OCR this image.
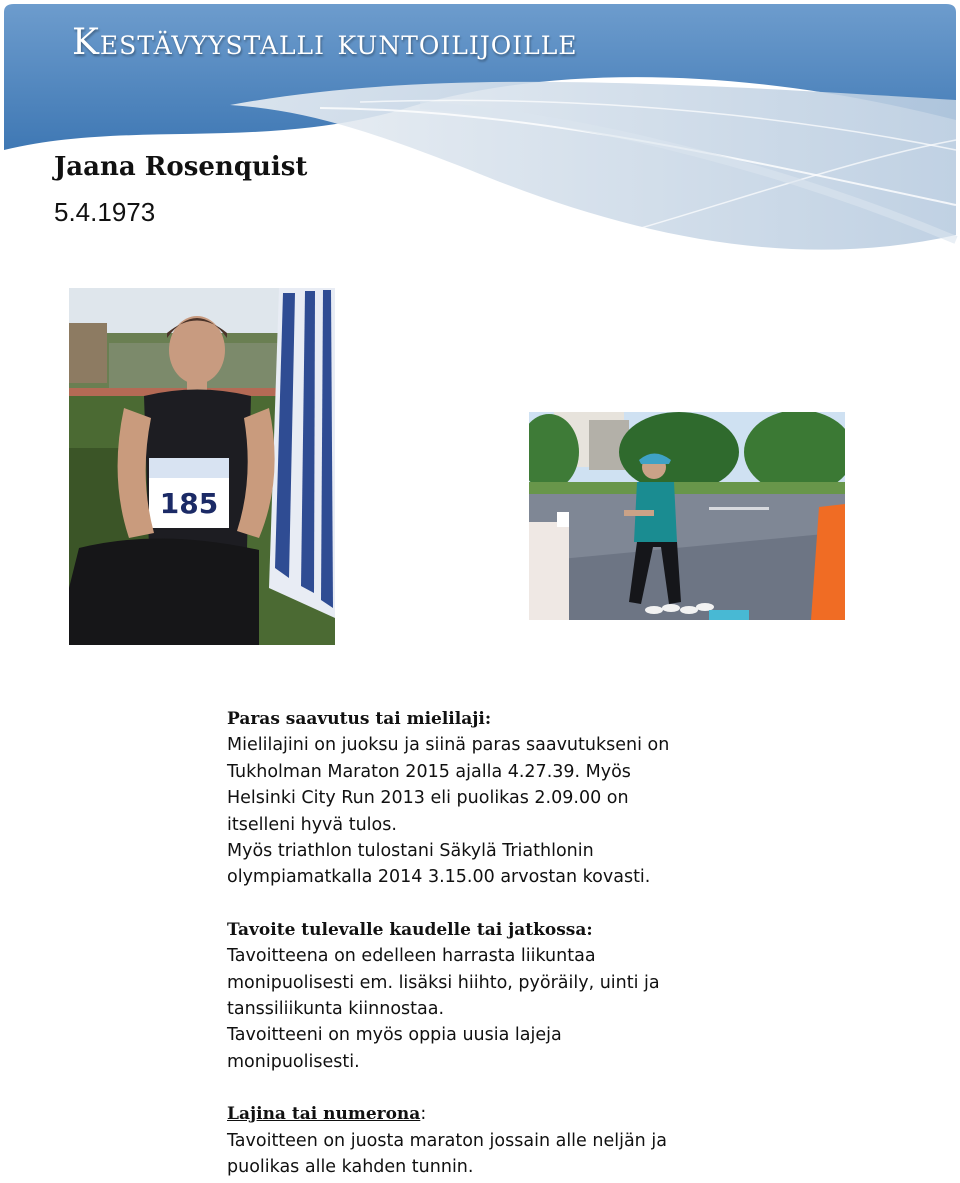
Kestävyystalli kuntoilijoille
Jaana Rosenquist
5.4.1973
185

Paras saavutus tai mielilaji:

Mielilajini on juoksu ja siinä paras saavutukseni on

Tukholman Maraton 2015 ajalla 4.27.39. Myös

Helsinki City Run 2013 eli puolikas 2.09.00 on

itselleni hyvä tulos.

Myös triathlon tulostani Säkylä Triathlonin

olympiamatkalla 2014 3.15.00 arvostan kovasti.

Tavoite tulevalle kaudelle tai jatkossa:

Tavoitteena on edelleen harrasta liikuntaa

monipuolisesti em. lisäksi hiihto, pyöräily, uinti ja

tanssiliikunta kiinnostaa.

Tavoitteeni on myös oppia uusia lajeja

monipuolisesti.

Lajina tai numerona:

Tavoitteen on juosta maraton jossain alle neljän ja

puolikas alle kahden tunnin.
